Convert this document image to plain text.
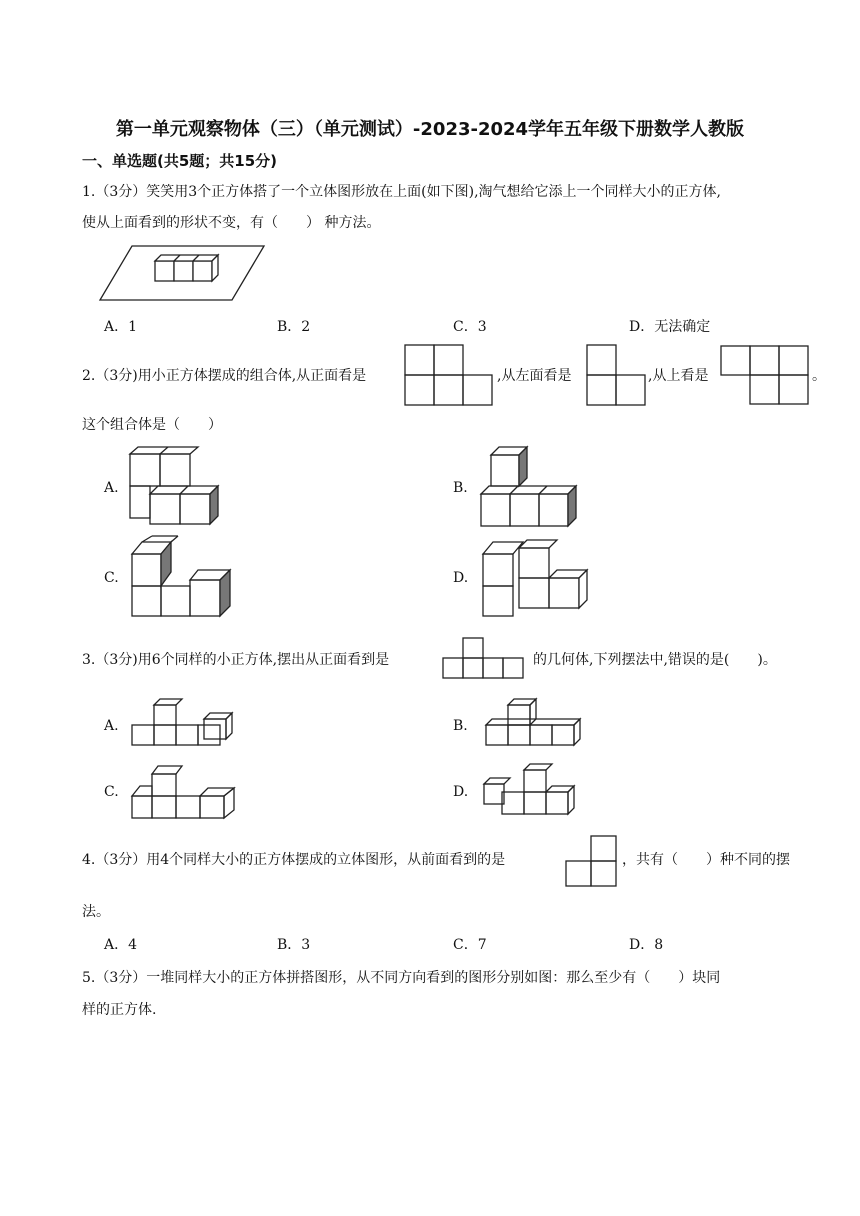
第一单元观察物体（三）（单元测试）-2023-2024学年五年级下册数学人教版
一、单选题(共5题；共15分)
1.（3分）笑笑用3个正方体搭了一个立体图形放在上面(如下图),淘气想给它添上一个同样大小的正方体,
使从上面看到的形状不变，有（　　） 种方法。
A．1	B．2	C．3	D．无法确定
2.（3分)用小正方体摆成的组合体,从正面看是	,从左面看是	,从上看是	。
这个组合体是（　　）
A.	B.
C.	D.
3.（3分)用6个同样的小正方体,摆出从正面看到是	的几何体,下列摆法中,错误的是(　　)。
A.	B.
C.	D.
4.（3分）用4个同样大小的正方体摆成的立体图形，从前面看到的是	，共有（　　）种不同的摆
法。
A．4	B．3	C．7	D．8
5.（3分）一堆同样大小的正方体拼搭图形，从不同方向看到的图形分别如图：那么至少有（　　）块同
样的正方体.
